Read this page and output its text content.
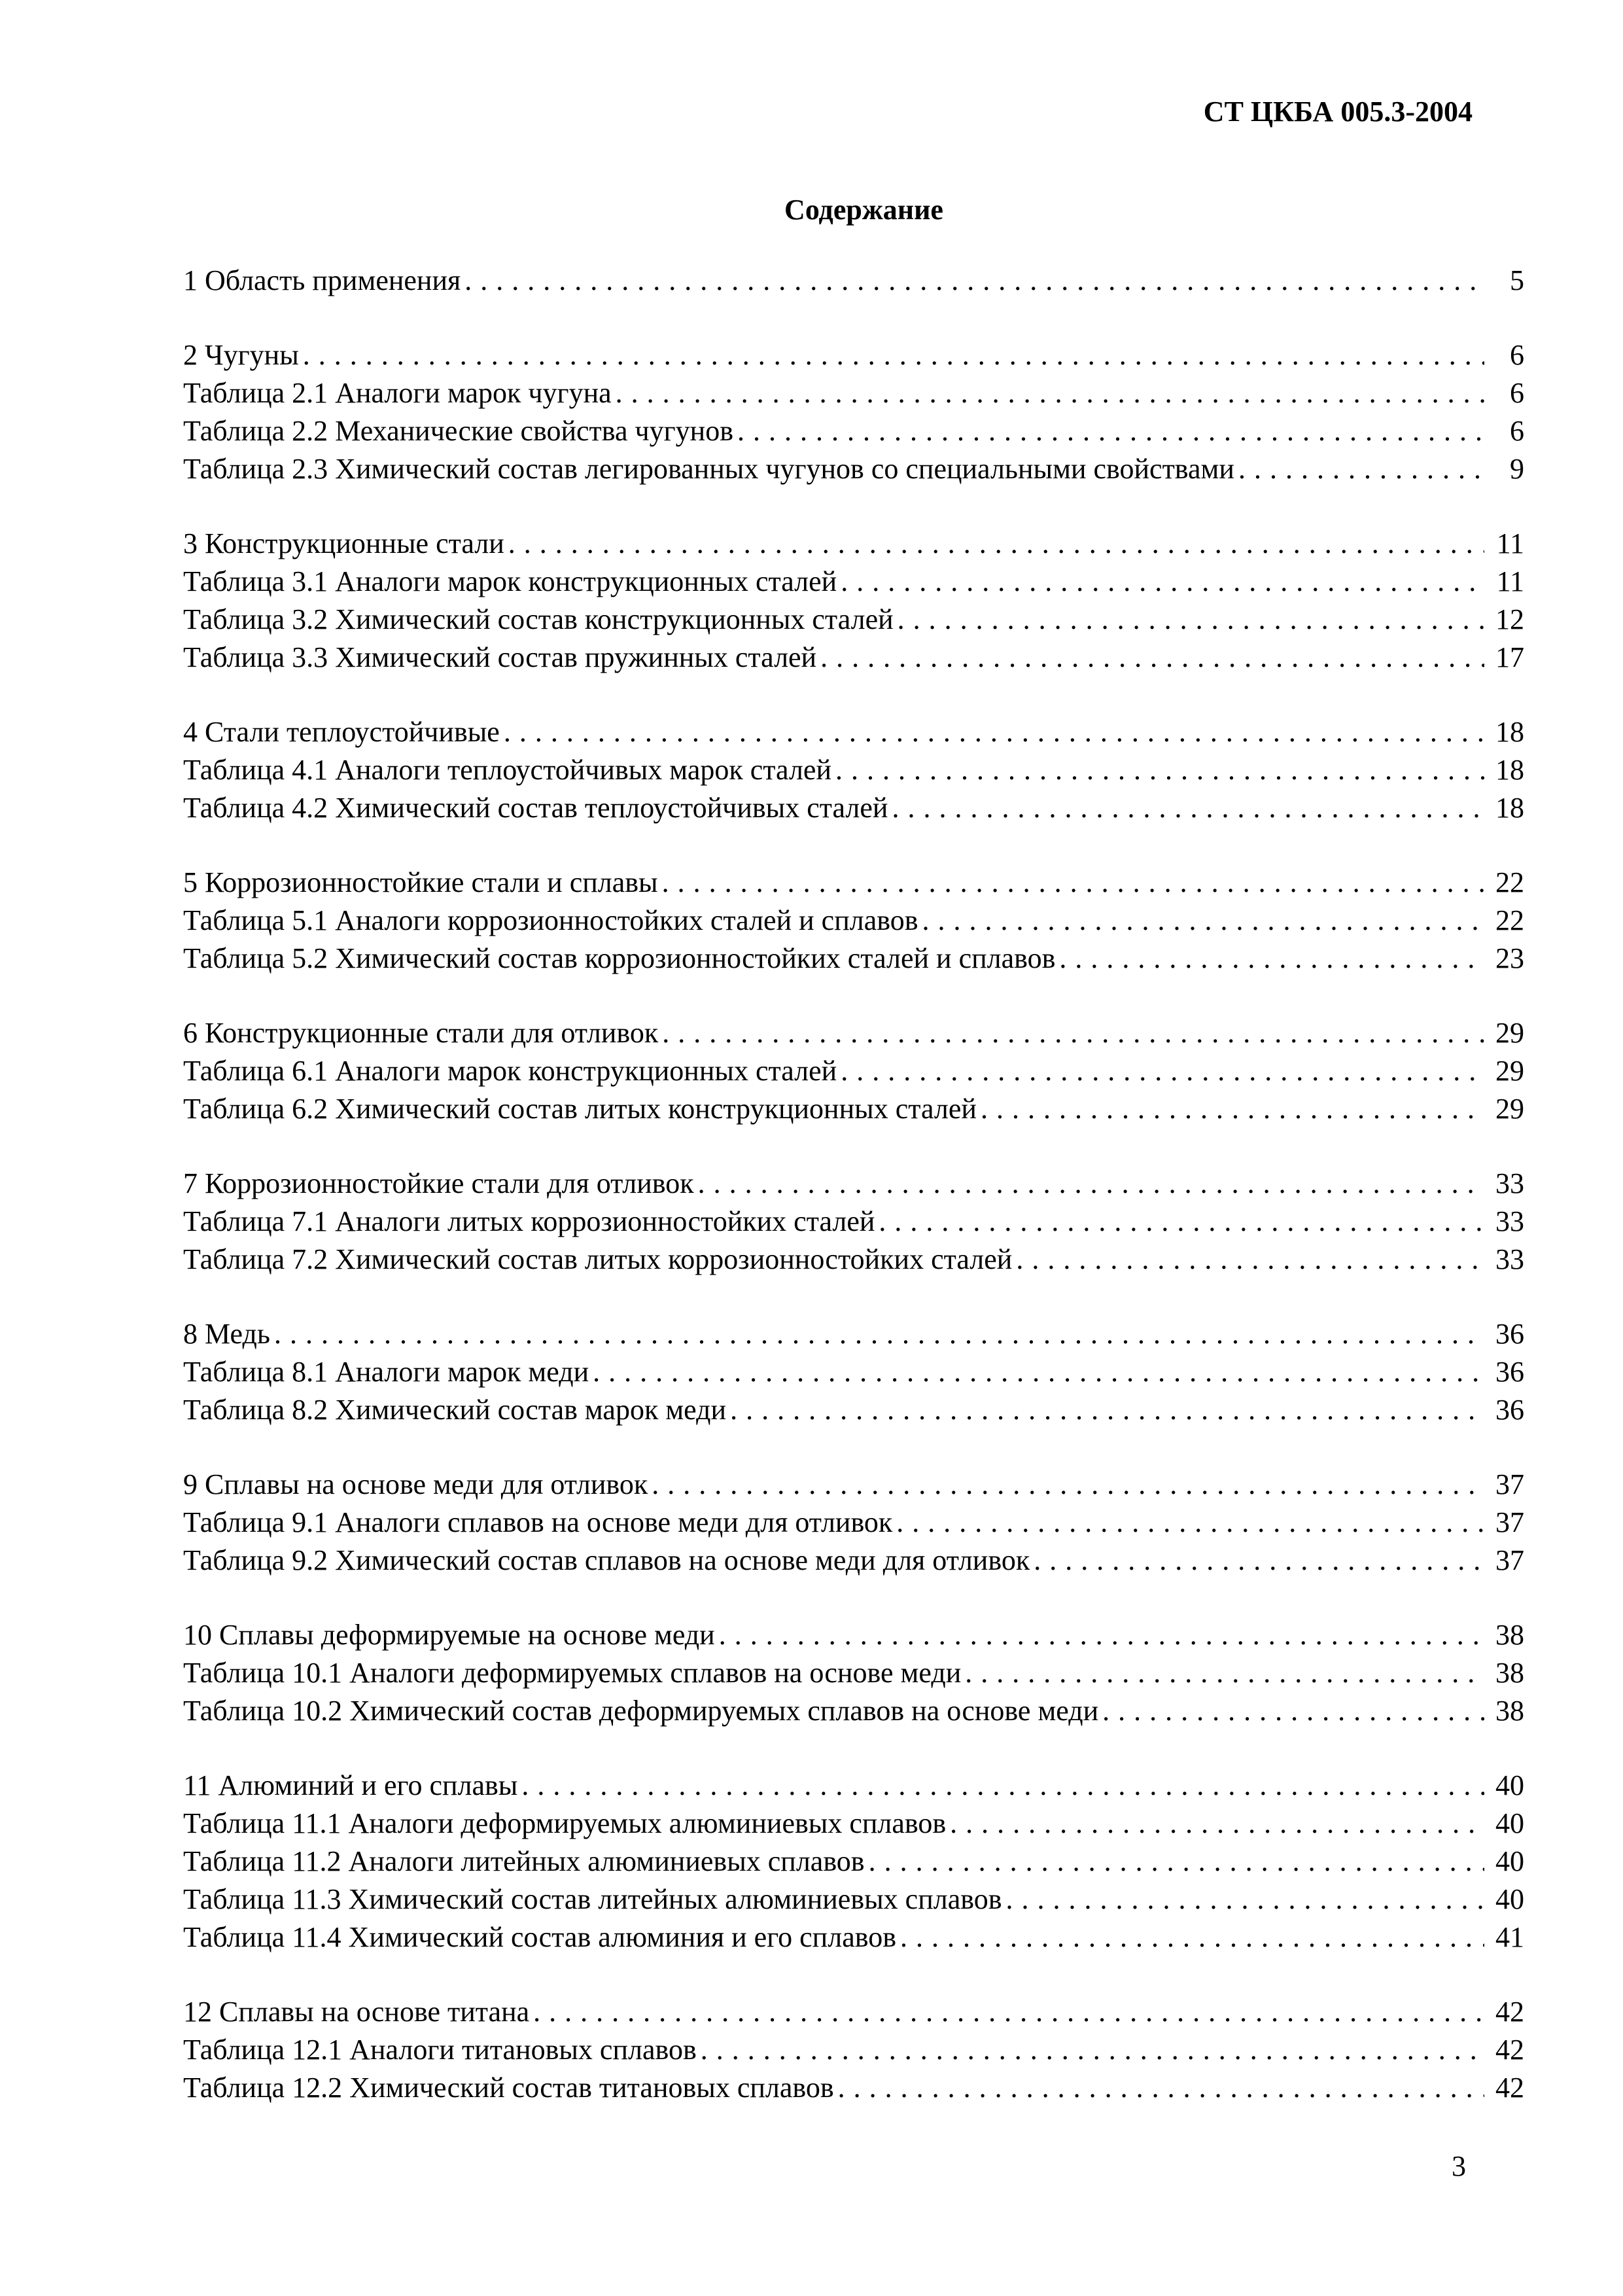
СТ ЦКБА 005.3-2004
Содержание
1 Область применения . . .	5
2 Чугуны . . .	6
Таблица 2.1 Аналоги марок чугуна . . .	6
Таблица 2.2 Механические свойства чугунов . . .	6
Таблица 2.3 Химический состав легированных чугунов со специальными свойствами . . .	9
3 Конструкционные стали . . .	11
Таблица 3.1 Аналоги марок конструкционных сталей . . .	11
Таблица 3.2 Химический состав конструкционных сталей . . .	12
Таблица 3.3 Химический состав пружинных сталей . . .	17
4 Стали теплоустойчивые . . .	18
Таблица 4.1 Аналоги теплоустойчивых марок сталей . . .	18
Таблица 4.2 Химический состав теплоустойчивых сталей . . .	18
5 Коррозионностойкие стали и сплавы . . .	22
Таблица 5.1 Аналоги коррозионностойких сталей и сплавов . . .	22
Таблица 5.2 Химический состав коррозионностойких сталей и сплавов . . .	23
6 Конструкционные стали для отливок . . .	29
Таблица 6.1 Аналоги марок конструкционных сталей . . .	29
Таблица 6.2 Химический состав литых конструкционных сталей . . .	29
7 Коррозионностойкие стали для отливок . . .	33
Таблица 7.1 Аналоги литых коррозионностойких сталей . . .	33
Таблица 7.2 Химический состав литых коррозионностойких сталей . . .	33
8 Медь . . .	36
Таблица 8.1 Аналоги марок меди . . .	36
Таблица 8.2 Химический состав марок меди . . .	36
9 Сплавы на основе меди для отливок . . .	37
Таблица 9.1 Аналоги сплавов на основе меди для отливок . . .	37
Таблица 9.2 Химический состав сплавов на основе меди для отливок . . .	37
10 Сплавы деформируемые на основе меди . . .	38
Таблица 10.1 Аналоги деформируемых сплавов на основе меди . . .	38
Таблица 10.2 Химический состав деформируемых сплавов на основе меди . . .	38
11 Алюминий и его сплавы . . .	40
Таблица 11.1 Аналоги деформируемых алюминиевых сплавов . . .	40
Таблица 11.2 Аналоги литейных алюминиевых сплавов . . .	40
Таблица 11.3 Химический состав литейных алюминиевых сплавов . . .	40
Таблица 11.4 Химический состав алюминия и его сплавов . . .	41
12 Сплавы на основе титана . . .	42
Таблица 12.1 Аналоги титановых сплавов . . .	42
Таблица 12.2 Химический состав титановых сплавов . . .	42
3
